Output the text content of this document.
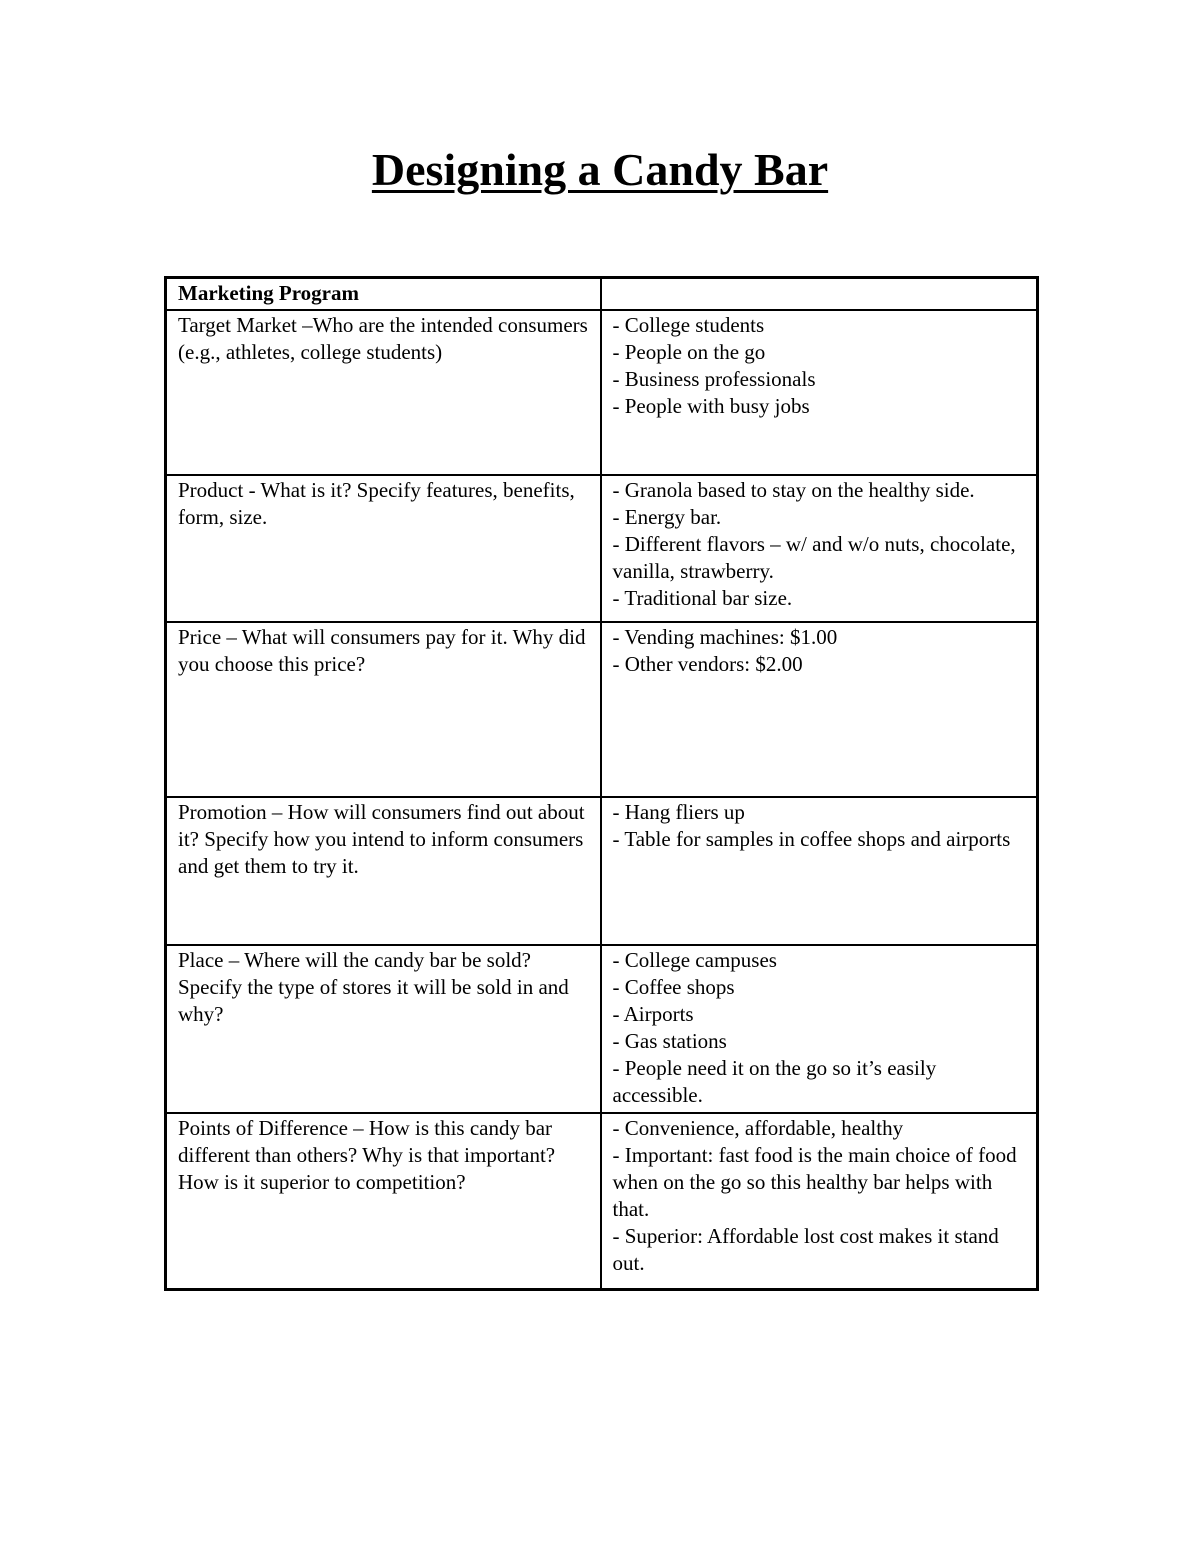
Designing a Candy Bar
Marketing Program	
Target Market –Who are the intended consumers (e.g., athletes, college students)	- College students
- People on the go
- Business professionals
- People with busy jobs

Product - What is it? Specify features, benefits, form, size.	- Granola based to stay on the healthy side.
- Energy bar.
- Different flavors – w/ and w/o nuts, chocolate, vanilla, strawberry.
- Traditional bar size.

Price – What will consumers pay for it. Why did you choose this price?	- Vending machines: $1.00
- Other vendors: $2.00

Promotion – How will consumers find out about it? Specify how you intend to inform consumers and get them to try it.	- Hang fliers up
- Table for samples in coffee shops and airports

Place – Where will the candy bar be sold? Specify the type of stores it will be sold in and why?	- College campuses
- Coffee shops
- Airports
- Gas stations
- People need it on the go so it’s easily accessible.

Points of Difference – How is this candy bar different than others? Why is that important? How is it superior to competition?	- Convenience, affordable, healthy
- Important: fast food is the main choice of food when on the go so this healthy bar helps with that.
- Superior: Affordable lost cost makes it stand out.
